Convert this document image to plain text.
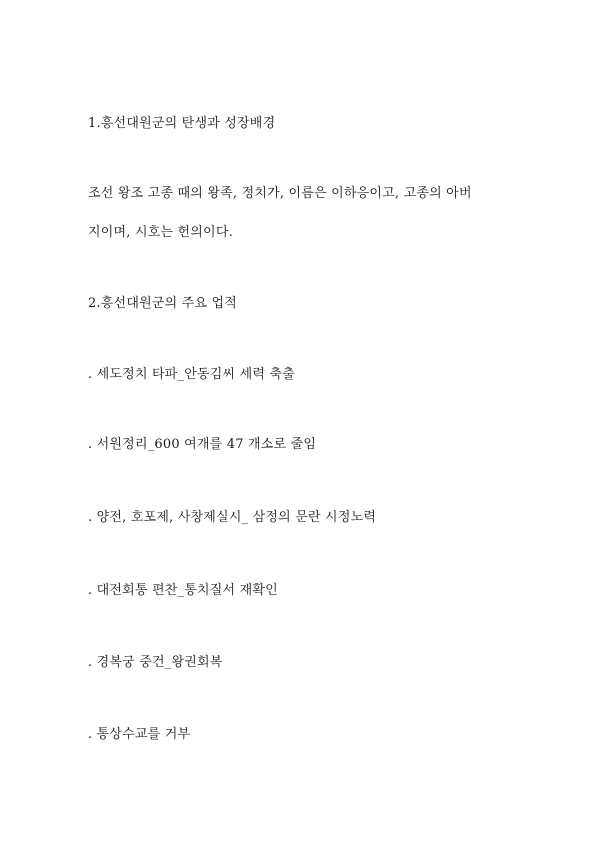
1.흥선대원군의 탄생과 성장배경
조선 왕조 고종 때의 왕족, 정치가, 이름은 이하응이고, 고종의 아버
지이며, 시호는 헌의이다.
2.흥선대원군의 주요 업적
. 세도정치 타파_안동김씨 세력 축출
. 서원정리_600 여개를 47 개소로 줄임
. 양전, 호포제, 사창제실시_ 삼정의 문란 시정노력
. 대전회통 편찬_통치질서 재확인
. 경복궁 중건_왕권회복
. 통상수교를 거부
